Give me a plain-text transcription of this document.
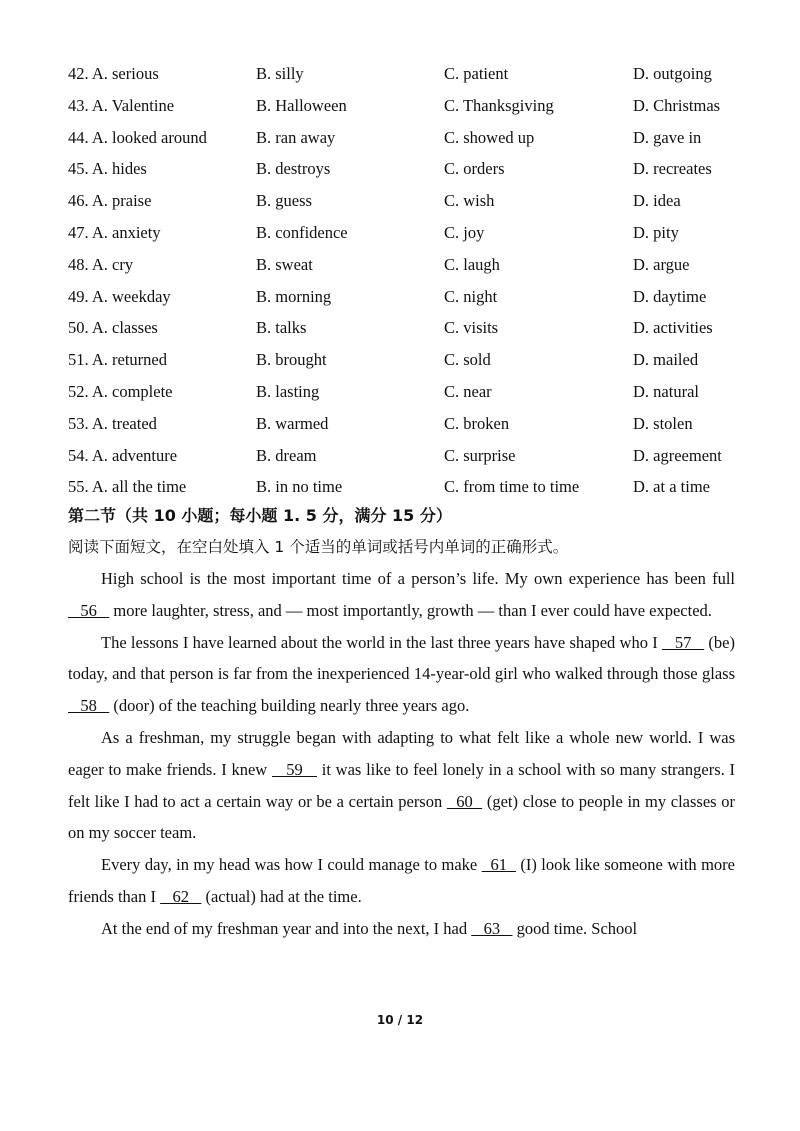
42. A. serious	B. silly	C. patient	D. outgoing
43. A. Valentine	B. Halloween	C. Thanksgiving	D. Christmas
44. A. looked around	B. ran away	C. showed up	D. gave in
45. A. hides	B. destroys	C. orders	D. recreates
46. A. praise	B. guess	C. wish	D. idea
47. A. anxiety	B. confidence	C. joy	D. pity
48. A. cry	B. sweat	C. laugh	D. argue
49. A. weekday	B. morning	C. night	D. daytime
50. A. classes	B. talks	C. visits	D. activities
51. A. returned	B. brought	C. sold	D. mailed
52. A. complete	B. lasting	C. near	D. natural
53. A. treated	B. warmed	C. broken	D. stolen
54. A. adventure	B. dream	C. surprise	D. agreement
55. A. all the time	B. in no time	C. from time to time	D. at a time
第二节（共 10 小题；每小题 1. 5 分，满分 15 分）
阅读下面短文，在空白处填入 1 个适当的单词或括号内单词的正确形式。

High school is the most important time of a person’s life. My own experience has been full    56    more laughter, stress, and — most importantly, growth — than I ever could have expected.

The lessons I have learned about the world in the last three years have shaped who I    57    (be) today, and that person is far from the inexperienced 14-year-old girl who walked through those glass    58    (door) of the teaching building nearly three years ago.

As a freshman, my struggle began with adapting to what felt like a whole new world. I was eager to make friends. I knew    59    it was like to feel lonely in a school with so many strangers. I felt like I had to act a certain way or be a certain person   60   (get) close to people in my classes or on my soccer team.

Every day, in my head was how I could manage to make   61   (I) look like someone with more friends than I    62    (actual) had at the time.

At the end of my freshman year and into the next, I had    63    good time. School

10 / 12
